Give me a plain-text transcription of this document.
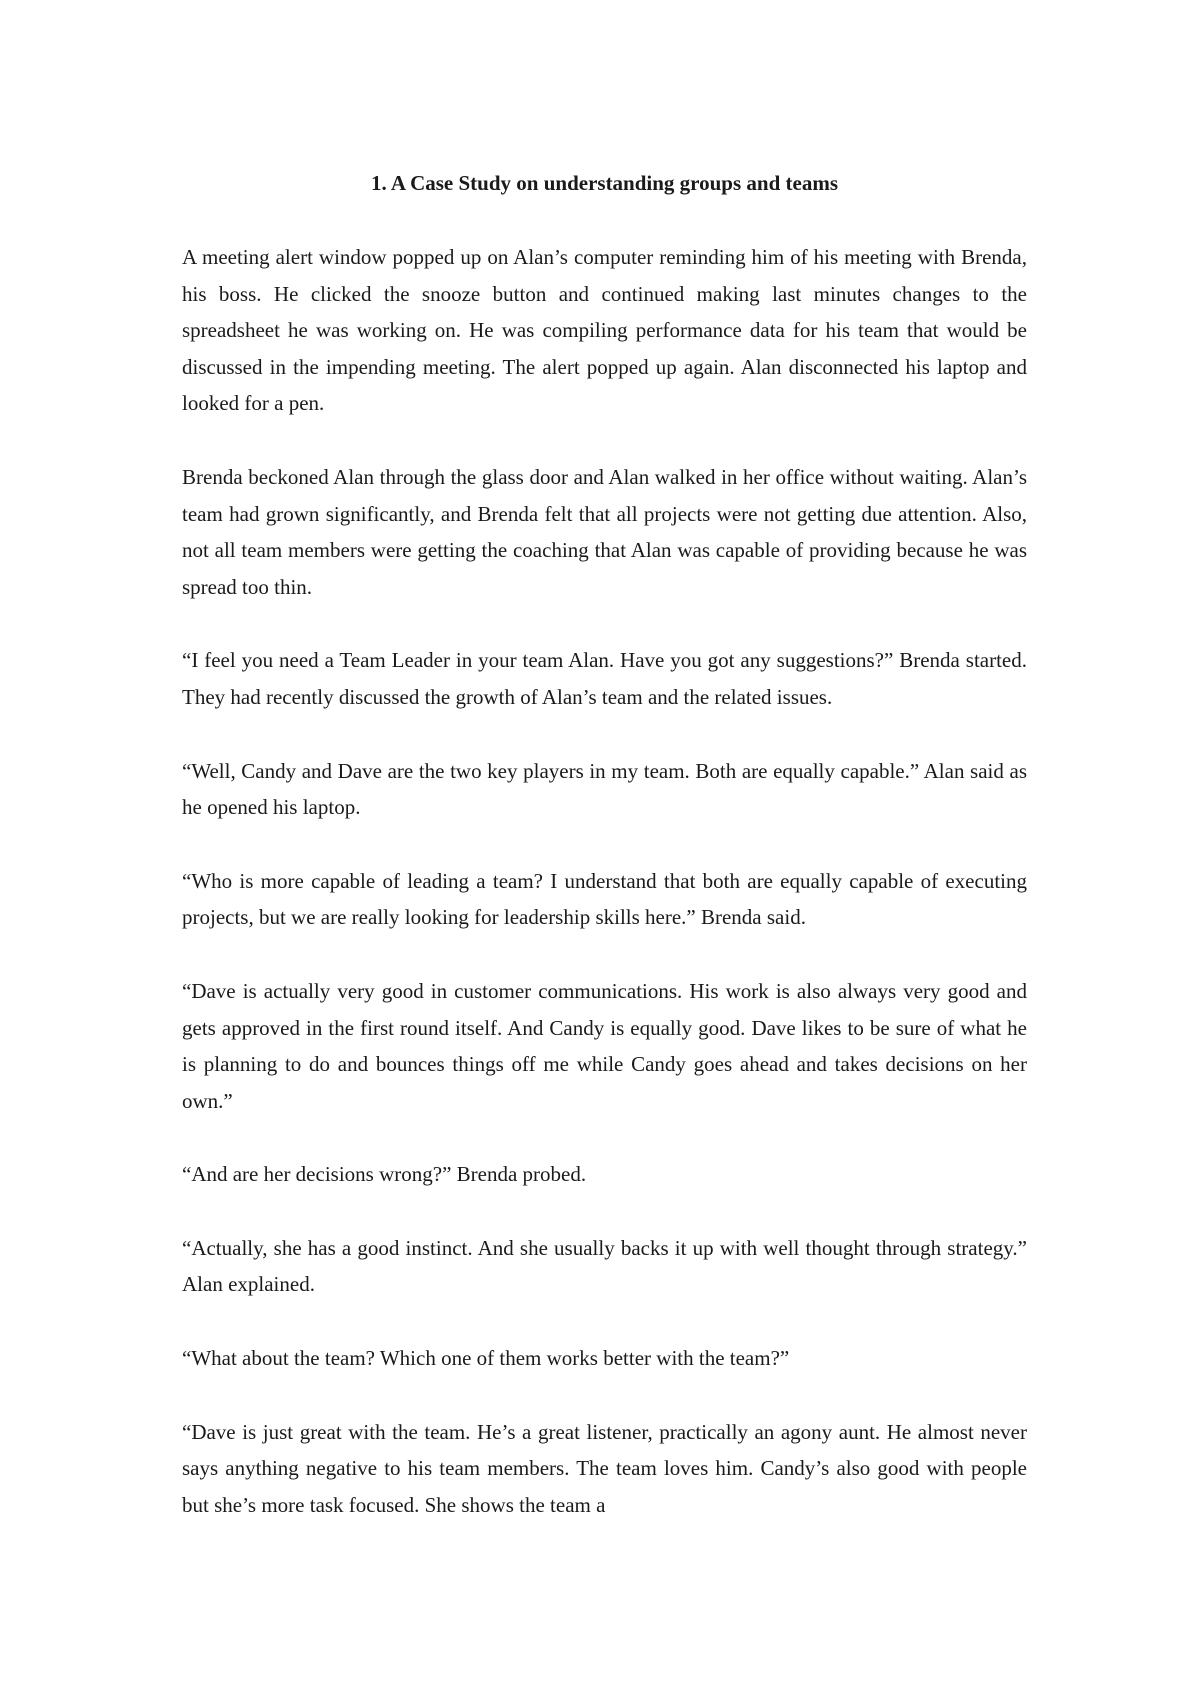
1. A Case Study on understanding groups and teams

A meeting alert window popped up on Alan’s computer reminding him of his meeting with Brenda, his boss. He clicked the snooze button and continued making last minutes changes to the spreadsheet he was working on. He was compiling performance data for his team that would be discussed in the impending meeting. The alert popped up again. Alan disconnected his laptop and looked for a pen.

Brenda beckoned Alan through the glass door and Alan walked in her office without waiting. Alan’s team had grown significantly, and Brenda felt that all projects were not getting due attention. Also, not all team members were getting the coaching that Alan was capable of providing because he was spread too thin.

“I feel you need a Team Leader in your team Alan. Have you got any suggestions?” Brenda started. They had recently discussed the growth of Alan’s team and the related issues.

“Well, Candy and Dave are the two key players in my team. Both are equally capable.” Alan said as he opened his laptop.

“Who is more capable of leading a team? I understand that both are equally capable of executing projects, but we are really looking for leadership skills here.” Brenda said.

“Dave is actually very good in customer communications. His work is also always very good and gets approved in the first round itself. And Candy is equally good. Dave likes to be sure of what he is planning to do and bounces things off me while Candy goes ahead and takes decisions on her own.”

“And are her decisions wrong?” Brenda probed.

“Actually, she has a good instinct. And she usually backs it up with well thought through strategy.” Alan explained.

“What about the team? Which one of them works better with the team?”

“Dave is just great with the team. He’s a great listener, practically an agony aunt. He almost never says anything negative to his team members. The team loves him. Candy’s also good with people but she’s more task focused. She shows the team a
